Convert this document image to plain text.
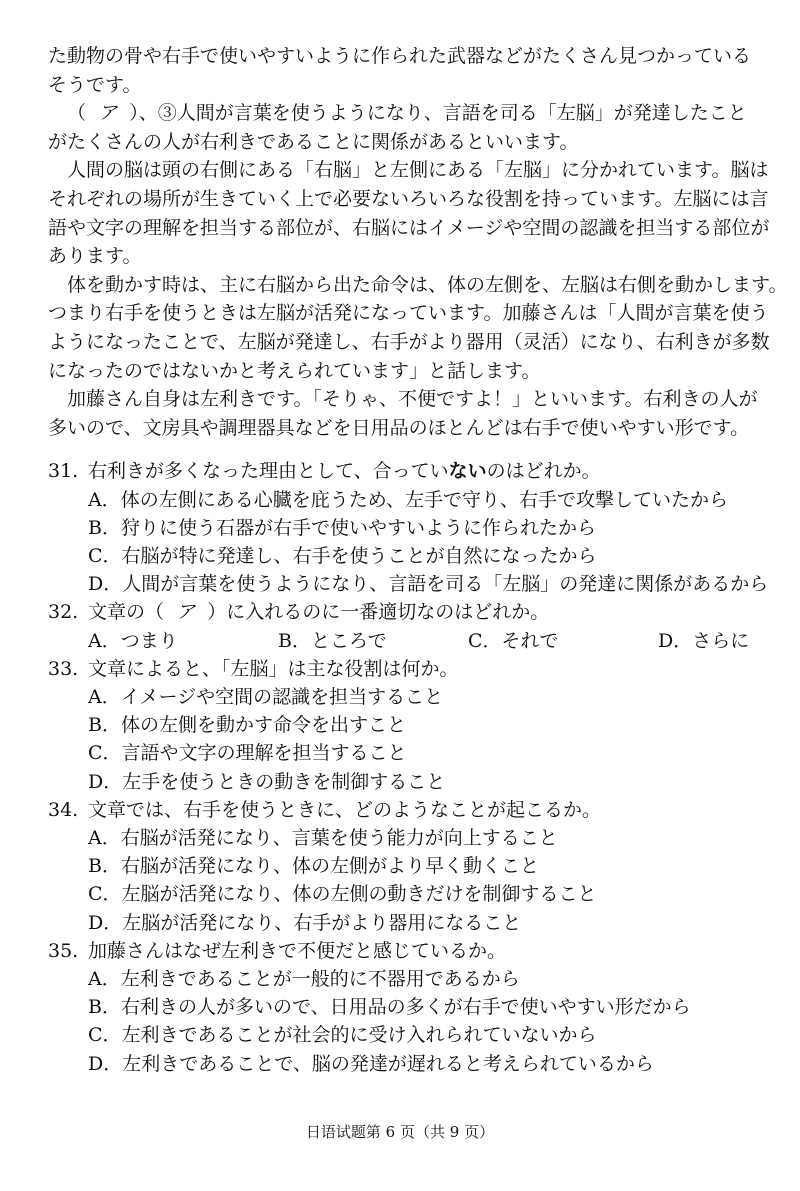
た動物の骨や右手で使いやすいように作られた武器などがたくさん見つかっている
そうです。
（ ア ）、③人間が言葉を使うようになり、言語を司る「左脳」が発達したこと
がたくさんの人が右利きであることに関係があるといいます。
人間の脳は頭の右側にある「右脳」と左側にある「左脳」に分かれています。脳は
それぞれの場所が生きていく上で必要ないろいろな役割を持っています。左脳には言
語や文字の理解を担当する部位が、右脳にはイメージや空間の認識を担当する部位が
あります。
体を動かす時は、主に右脳から出た命令は、体の左側を、左脳は右側を動かします。
つまり右手を使うときは左脳が活発になっています。加藤さんは「人間が言葉を使う
ようになったことで、左脳が発達し、右手がより器用（灵活）になり、右利きが多数
になったのではないかと考えられています」と話します。
加藤さん自身は左利きです。「そりゃ、不便ですよ！」といいます。右利きの人が
多いので、文房具や調理器具などを日用品のほとんどは右手で使いやすい形です。
31. 右利きが多くなった理由として、合っていないのはどれか。
A．体の左側にある心臓を庇うため、左手で守り、右手で攻撃していたから
B．狩りに使う石器が右手で使いやすいように作られたから
C．右脳が特に発達し、右手を使うことが自然になったから
D．人間が言葉を使うようになり、言語を司る「左脳」の発達に関係があるから
32. 文章の（ ア ）に入れるのに一番適切なのはどれか。
A．つまり	B．ところで	C．それで	D．さらに
33. 文章によると、「左脳」は主な役割は何か。
A．イメージや空間の認識を担当すること
B．体の左側を動かす命令を出すこと
C．言語や文字の理解を担当すること
D．左手を使うときの動きを制御すること
34. 文章では、右手を使うときに、どのようなことが起こるか。
A．右脳が活発になり、言葉を使う能力が向上すること
B．右脳が活発になり、体の左側がより早く動くこと
C．左脳が活発になり、体の左側の動きだけを制御すること
D．左脳が活発になり、右手がより器用になること
35. 加藤さんはなぜ左利きで不便だと感じているか。
A．左利きであることが一般的に不器用であるから
B．右利きの人が多いので、日用品の多くが右手で使いやすい形だから
C．左利きであることが社会的に受け入れられていないから
D．左利きであることで、脳の発達が遅れると考えられているから
日语试题第 6 页（共 9 页）
